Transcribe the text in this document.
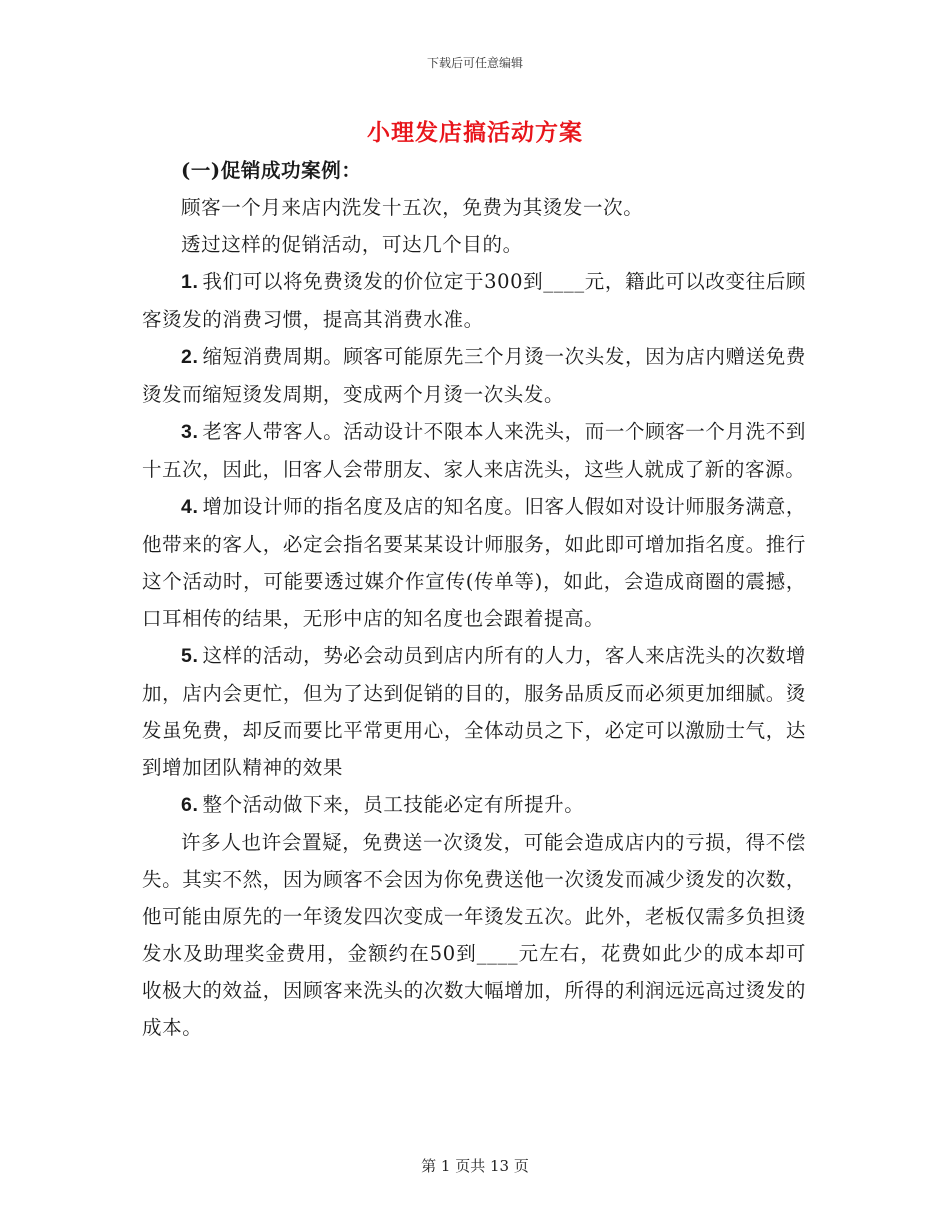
下载后可任意编辑
小理发店搞活动方案

(一)促销成功案例：

顾客一个月来店内洗发十五次，免费为其烫发一次。

透过这样的促销活动，可达几个目的。

1. 我们可以将免费烫发的价位定于300到____元，籍此可以改变往后顾客烫发的消费习惯，提高其消费水准。

2. 缩短消费周期。顾客可能原先三个月烫一次头发，因为店内赠送免费烫发而缩短烫发周期，变成两个月烫一次头发。

3. 老客人带客人。活动设计不限本人来洗头，而一个顾客一个月洗不到十五次，因此，旧客人会带朋友、家人来店洗头，这些人就成了新的客源。

4. 增加设计师的指名度及店的知名度。旧客人假如对设计师服务满意，他带来的客人，必定会指名要某某设计师服务，如此即可增加指名度。推行这个活动时，可能要透过媒介作宣传(传单等)，如此，会造成商圈的震撼，口耳相传的结果，无形中店的知名度也会跟着提高。

5. 这样的活动，势必会动员到店内所有的人力，客人来店洗头的次数增加，店内会更忙，但为了达到促销的目的，服务品质反而必须更加细腻。烫发虽免费，却反而要比平常更用心，全体动员之下，必定可以激励士气，达到增加团队精神的效果

6. 整个活动做下来，员工技能必定有所提升。

许多人也许会置疑，免费送一次烫发，可能会造成店内的亏损，得不偿失。其实不然，因为顾客不会因为你免费送他一次烫发而减少烫发的次数，他可能由原先的一年烫发四次变成一年烫发五次。此外，老板仅需多负担烫发水及助理奖金费用，金额约在50到____元左右，花费如此少的成本却可收极大的效益，因顾客来洗头的次数大幅增加，所得的利润远远高过烫发的成本。

第 1 页共 13 页
